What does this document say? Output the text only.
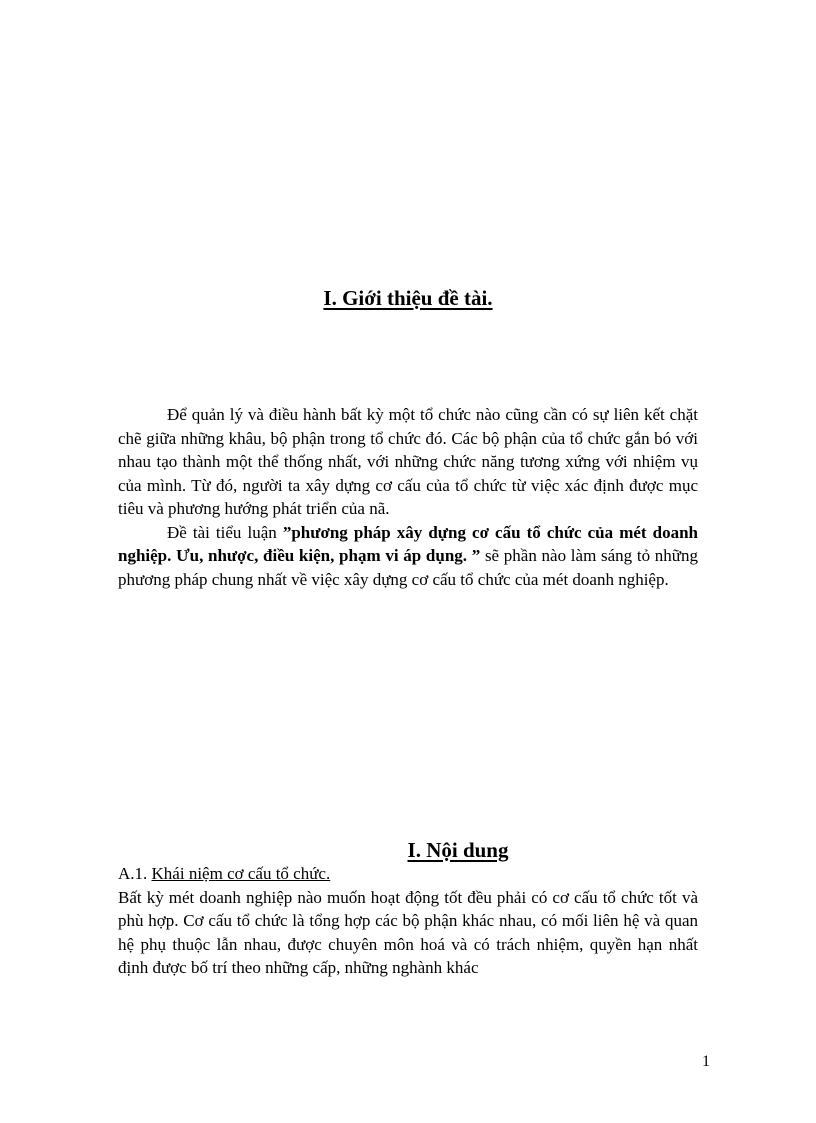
I. Giới thiệu đề tài.

Để quản lý và điều hành bất kỳ một tổ chức nào cũng cần có sự liên kết chặt chẽ giữa những khâu, bộ phận trong tổ chức đó. Các bộ phận của tổ chức gắn bó với nhau tạo thành một thể thống nhất, với những chức năng tương xứng với nhiệm vụ của mình. Từ đó, người ta xây dựng cơ cấu của tổ chức từ việc xác định được mục tiêu và phương hướng phát triển của nã.

Đề tài tiểu luận ”phương pháp xây dựng cơ cấu tổ chức của mét doanh nghiệp. Ưu, nhược, điều kiện, phạm vi áp dụng. ” sẽ phần nào làm sáng tỏ những phương pháp chung nhất về việc xây dựng cơ cấu tổ chức của mét doanh nghiệp.

I. Nội dung

A.1. Khái niệm cơ cấu tổ chức.

Bất kỳ mét doanh nghiệp nào muốn hoạt động tốt đều phải có cơ cấu tổ chức tốt và phù hợp. Cơ cấu tổ chức là tổng hợp các bộ phận khác nhau, có mối liên hệ và quan hệ phụ thuộc lẫn nhau, được chuyên môn hoá và có trách nhiệm, quyền hạn nhất định được bố trí theo những cấp, những nghành khác

1
